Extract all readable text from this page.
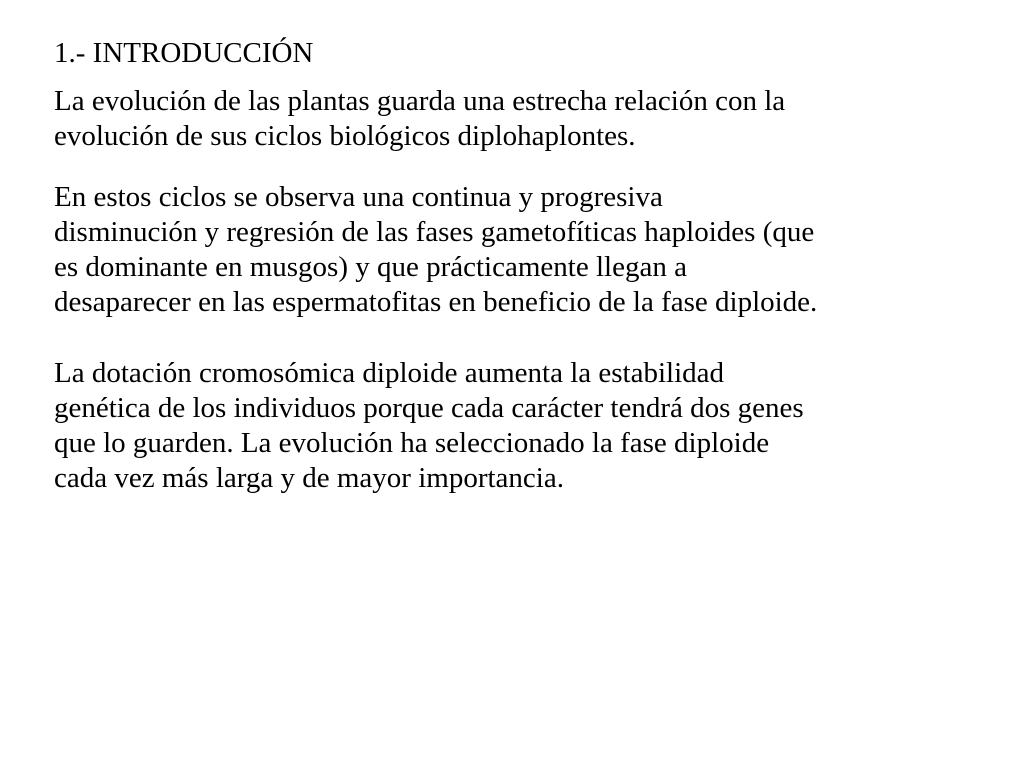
1.- INTRODUCCIÓN

La evolución de las plantas guarda una estrecha relación con la
evolución de sus ciclos biológicos diplohaplontes.

En estos ciclos se observa una continua y progresiva
disminución y regresión de las fases gametofíticas haploides (que
es dominante en musgos) y que prácticamente llegan a
desaparecer en las espermatofitas en beneficio de la fase diploide.

La dotación cromosómica diploide aumenta la estabilidad
genética de los individuos porque cada carácter tendrá dos genes
que lo guarden. La evolución ha seleccionado la fase diploide
cada vez más larga y de mayor importancia.
